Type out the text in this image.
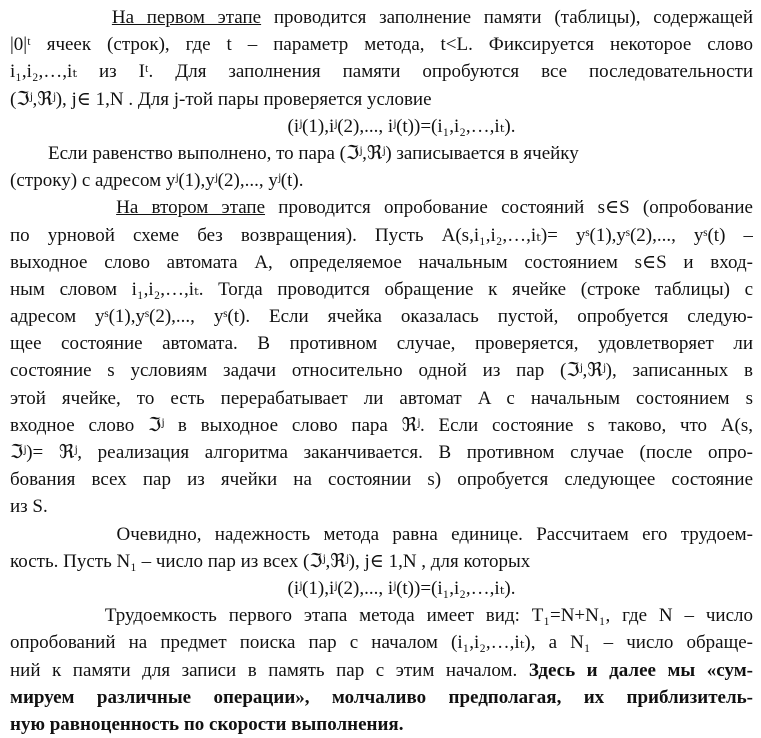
На первом этапе проводится заполнение памяти (таблицы), содержащей
|0|ᵗ ячеек (строк), где t – параметр метода, t<L. Фиксируется некоторое слово
i₁,i₂,…,iₜ из Iᵗ. Для заполнения памяти опробуются все последовательности
(ℑʲ,ℜʲ), j∈ 1,N . Для j-той пары проверяется условие
(iʲ(1),iʲ(2),..., iʲ(t))=(i₁,i₂,…,iₜ).
Если равенство выполнено, то пара (ℑʲ,ℜʲ) записывается в ячейку
(строку) с адресом yʲ(1),yʲ(2),..., yʲ(t).
На втором этапе проводится опробование состояний s∈S (опробование
по урновой схеме без возвращения). Пусть A(s,i₁,i₂,…,iₜ)= yˢ(1),yˢ(2),..., yˢ(t) –
выходное слово автомата A, определяемое начальным состоянием s∈S и вход-
ным словом i₁,i₂,…,iₜ. Тогда проводится обращение к ячейке (строке таблицы) с
адресом yˢ(1),yˢ(2),..., yˢ(t). Если ячейка оказалась пустой, опробуется следую-
щее состояние автомата. В противном случае, проверяется, удовлетворяет ли
состояние s условиям задачи относительно одной из пар (ℑʲ,ℜʲ), записанных в
этой ячейке, то есть перерабатывает ли автомат A с начальным состоянием s
входное слово ℑʲ в выходное слово пара ℜʲ. Если состояние s таково, что A(s,
ℑʲ)= ℜʲ, реализация алгоритма заканчивается. В противном случае (после опро-
бования всех пар из ячейки на состоянии s) опробуется следующее состояние
из S.
Очевидно, надежность метода равна единице. Рассчитаем его трудоем-
кость. Пусть N₁ – число пар из всех (ℑʲ,ℜʲ), j∈ 1,N , для которых
(iʲ(1),iʲ(2),..., iʲ(t))=(i₁,i₂,…,iₜ).
Трудоемкость первого этапа метода имеет вид: T₁=N+N₁, где N – число
опробований на предмет поиска пар с началом (i₁,i₂,…,iₜ), а N₁ – число обраще-
ний к памяти для записи в память пар с этим началом. Здесь и далее мы «сум-
мируем различные операции», молчаливо предполагая, их приблизитель-
ную равноценность по скорости выполнения.
